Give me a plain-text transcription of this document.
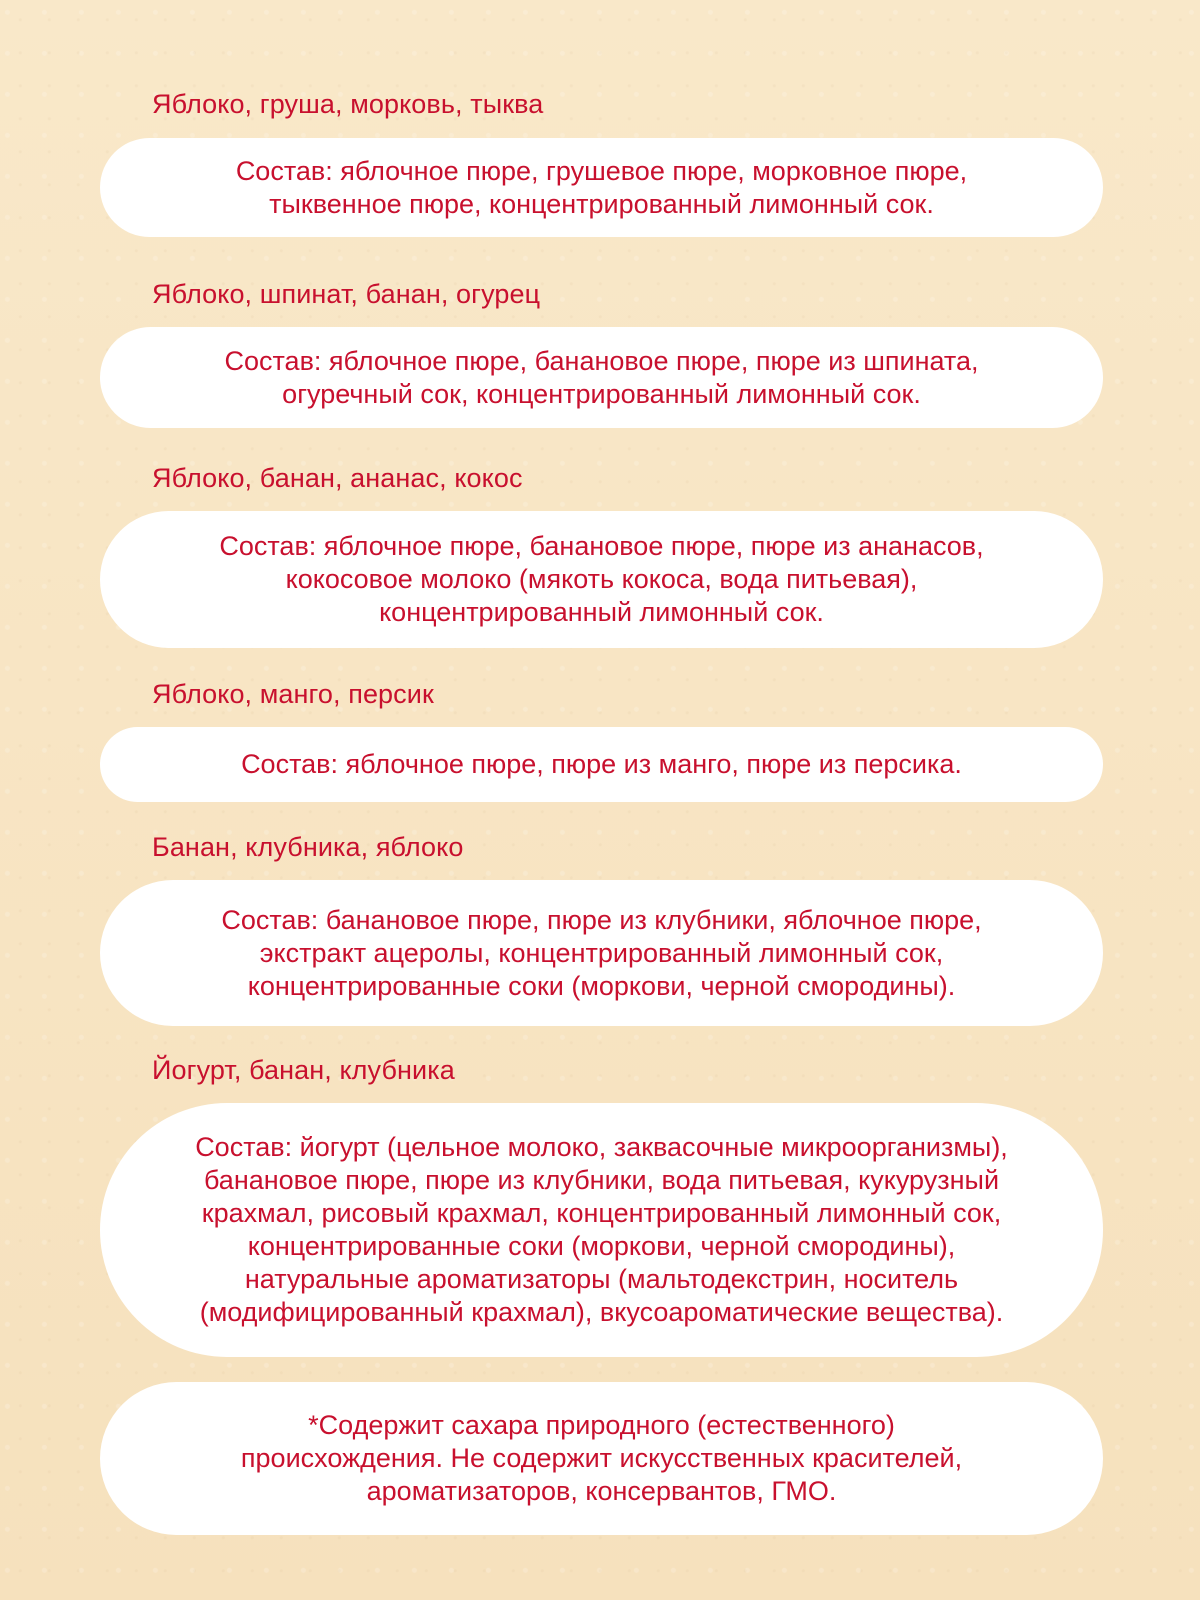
Яблоко, груша, морковь, тыква
Состав: яблочное пюре, грушевое пюре, морковное пюре,
тыквенное пюре, концентрированный лимонный сок.
Яблоко, шпинат, банан, огурец
Состав: яблочное пюре, банановое пюре, пюре из шпината,
огуречный сок, концентрированный лимонный сок.
Яблоко, банан, ананас, кокос
Состав: яблочное пюре, банановое пюре, пюре из ананасов,
кокосовое молоко (мякоть кокоса, вода питьевая),
концентрированный лимонный сок.
Яблоко, манго, персик
Состав: яблочное пюре, пюре из манго, пюре из персика.
Банан, клубника, яблоко
Состав: банановое пюре, пюре из клубники, яблочное пюре,
экстракт ацеролы, концентрированный лимонный сок,
концентрированные соки (моркови, черной смородины).
Йогурт, банан, клубника
Состав: йогурт (цельное молоко, заквасочные микроорганизмы),
банановое пюре, пюре из клубники, вода питьевая, кукурузный
крахмал, рисовый крахмал, концентрированный лимонный сок,
концентрированные соки (моркови, черной смородины),
натуральные ароматизаторы (мальтодекстрин, носитель
(модифицированный крахмал), вкусоароматические вещества).
*Содержит сахара природного (естественного)
происхождения. Не содержит искусственных красителей,
ароматизаторов, консервантов, ГМО.
